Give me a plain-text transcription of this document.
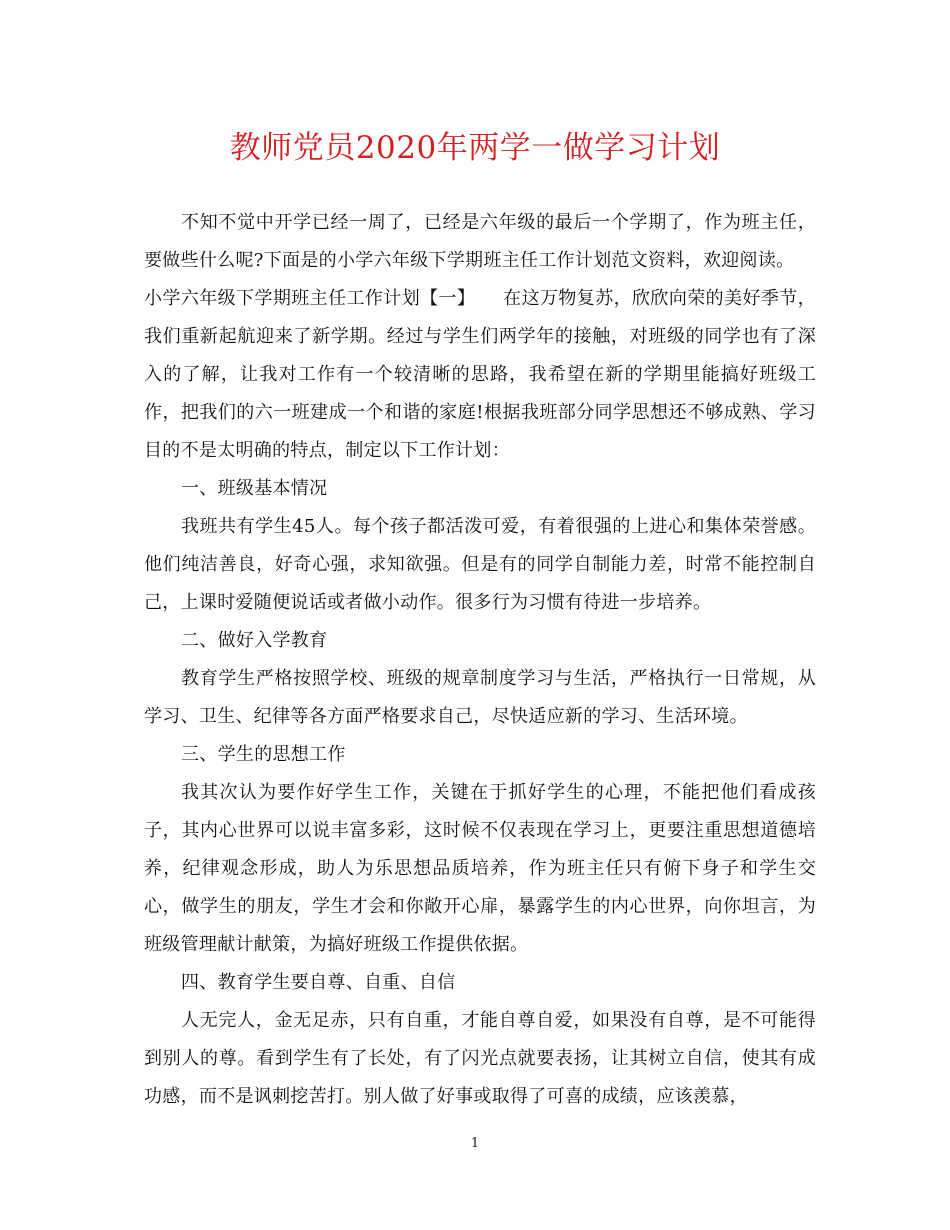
教师党员2020年两学一做学习计划

不知不觉中开学已经一周了，已经是六年级的最后一个学期了，作为班主任，要做些什么呢?下面是的小学六年级下学期班主任工作计划范文资料，欢迎阅读。

小学六年级下学期班主任工作计划【一】　　在这万物复苏，欣欣向荣的美好季节，我们重新起航迎来了新学期。经过与学生们两学年的接触，对班级的同学也有了深入的了解，让我对工作有一个较清晰的思路，我希望在新的学期里能搞好班级工作，把我们的六一班建成一个和谐的家庭!根据我班部分同学思想还不够成熟、学习目的不是太明确的特点，制定以下工作计划：

一、班级基本情况

我班共有学生45人。每个孩子都活泼可爱，有着很强的上进心和集体荣誉感。他们纯洁善良，好奇心强，求知欲强。但是有的同学自制能力差，时常不能控制自己，上课时爱随便说话或者做小动作。很多行为习惯有待进一步培养。

二、做好入学教育

教育学生严格按照学校、班级的规章制度学习与生活，严格执行一日常规，从学习、卫生、纪律等各方面严格要求自己，尽快适应新的学习、生活环境。

三、学生的思想工作

我其次认为要作好学生工作，关键在于抓好学生的心理，不能把他们看成孩子，其内心世界可以说丰富多彩，这时候不仅表现在学习上，更要注重思想道德培养，纪律观念形成，助人为乐思想品质培养，作为班主任只有俯下身子和学生交心，做学生的朋友，学生才会和你敞开心扉，暴露学生的内心世界，向你坦言，为班级管理献计献策，为搞好班级工作提供依据。

四、教育学生要自尊、自重、自信

人无完人，金无足赤，只有自重，才能自尊自爱，如果没有自尊，是不可能得到别人的尊。看到学生有了长处，有了闪光点就要表扬，让其树立自信，使其有成功感，而不是讽刺挖苦打。别人做了好事或取得了可喜的成绩，应该羡慕，

1
